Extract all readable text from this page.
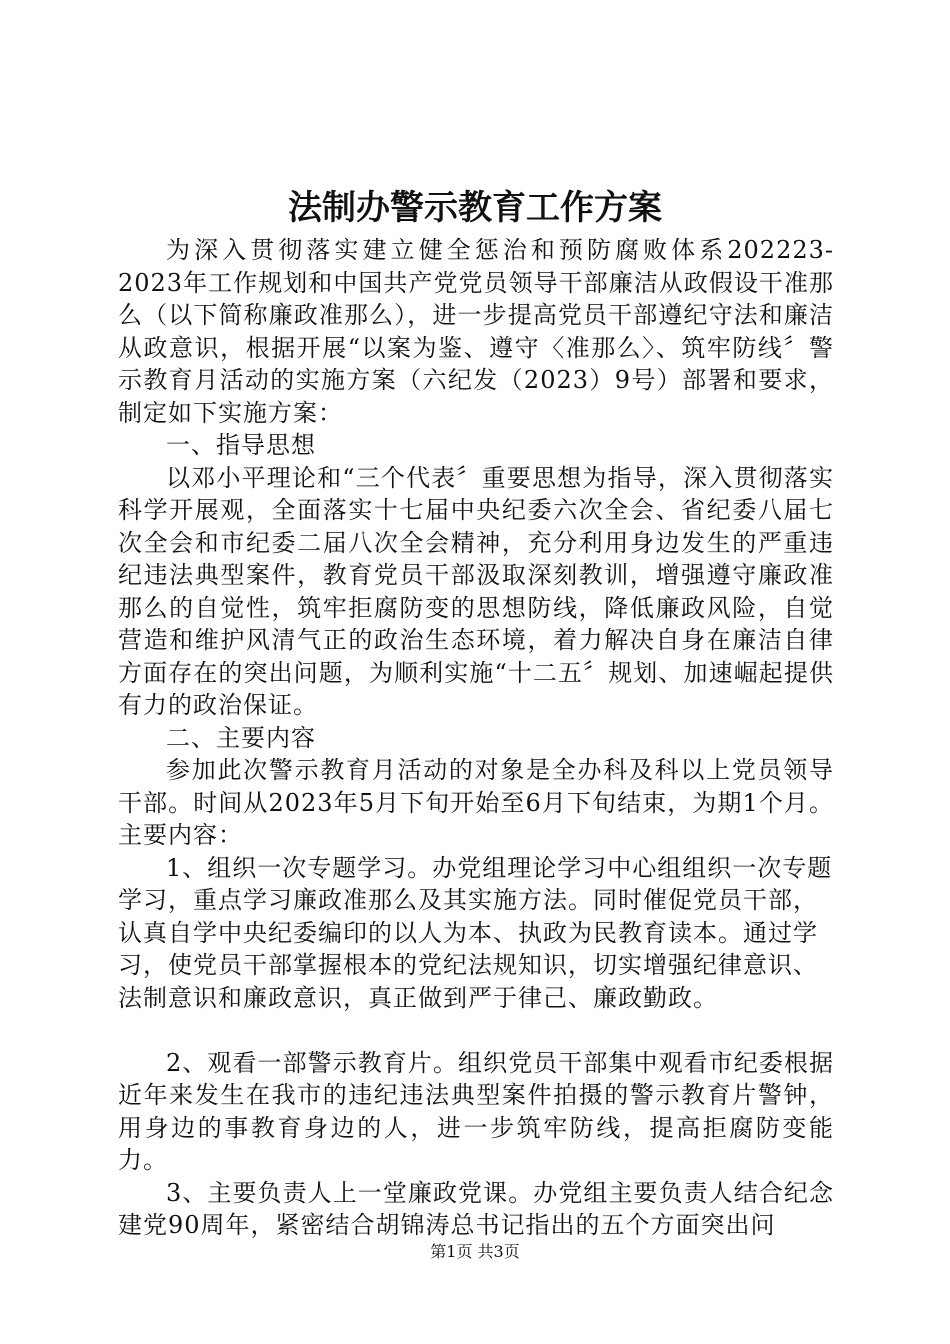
法制办警示教育工作方案

为深入贯彻落实建立健全惩治和预防腐败体系202223-2023年工作规划和中国共产党党员领导干部廉洁从政假设干准那么（以下简称廉政准那么），进一步提高党员干部遵纪守法和廉洁从政意识，根据开展“以案为鉴、遵守〈准那么〉、筑牢防线〞警示教育月活动的实施方案（六纪发（2023）9号）部署和要求，制定如下实施方案：

一、指导思想

以邓小平理论和“三个代表〞重要思想为指导，深入贯彻落实科学开展观，全面落实十七届中央纪委六次全会、省纪委八届七次全会和市纪委二届八次全会精神，充分利用身边发生的严重违纪违法典型案件，教育党员干部汲取深刻教训，增强遵守廉政准那么的自觉性，筑牢拒腐防变的思想防线，降低廉政风险，自觉营造和维护风清气正的政治生态环境，着力解决自身在廉洁自律方面存在的突出问题，为顺利实施“十二五〞规划、加速崛起提供有力的政治保证。

二、主要内容

参加此次警示教育月活动的对象是全办科及科以上党员领导干部。时间从2023年5月下旬开始至6月下旬结束，为期1个月。主要内容：

1、组织一次专题学习。办党组理论学习中心组组织一次专题学习，重点学习廉政准那么及其实施方法。同时催促党员干部，认真自学中央纪委编印的以人为本、执政为民教育读本。通过学习，使党员干部掌握根本的党纪法规知识，切实增强纪律意识、法制意识和廉政意识，真正做到严于律己、廉政勤政。

2、观看一部警示教育片。组织党员干部集中观看市纪委根据近年来发生在我市的违纪违法典型案件拍摄的警示教育片警钟，用身边的事教育身边的人，进一步筑牢防线，提高拒腐防变能力。

3、主要负责人上一堂廉政党课。办党组主要负责人结合纪念建党90周年，紧密结合胡锦涛总书记指出的五个方面突出问

第1页 共3页
